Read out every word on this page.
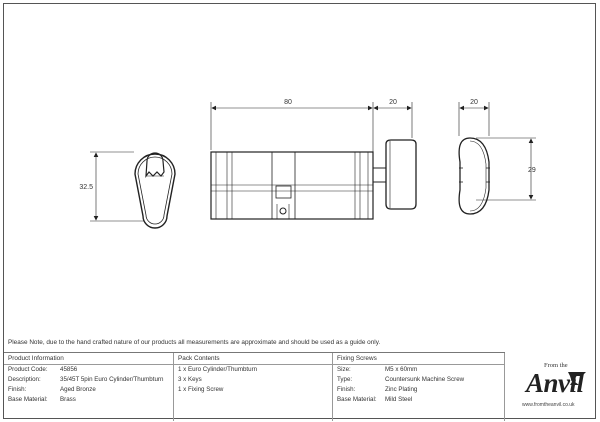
80	20	20
32.5
29
Please Note, due to the hand crafted nature of our products all measurements are approximate and should be used as a guide only.
Product Information
Product Code: 45856
Description:	35/45T 5pin Euro Cylinder/Thumbturn
Finish:	Aged Bronze
Base Material: Brass
Pack Contents
1 x Euro Cylinder/Thumbturn
3 x Keys
1 x Fixing Screw
Fixing Screws
Size:	M5 x 60mm
Type:	Countersunk Machine Screw
Finish:	Zinc Plating
Base Material: Mild Steel
From the
Anvil
www.fromtheanvil.co.uk
